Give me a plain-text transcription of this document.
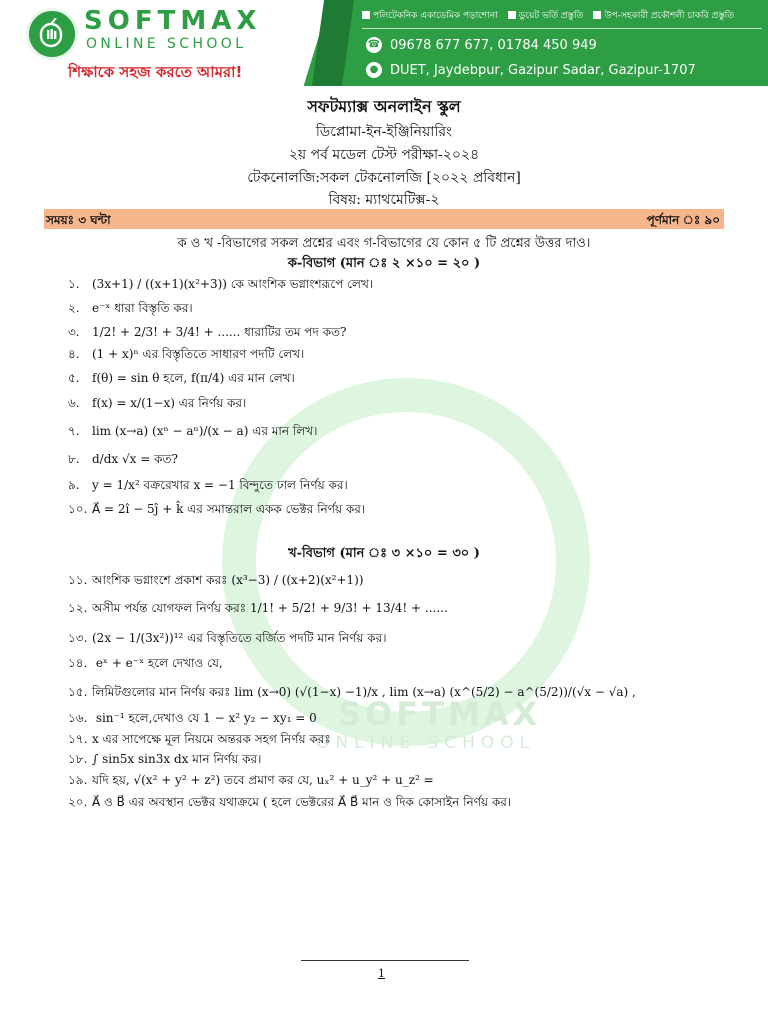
SOFTMAX
ONLINE SCHOOL
শিক্ষাকে সহজ করতে আমরা!
পলিটেকনিক একাডেমিক পড়াশোনা	ডুয়েট ভর্তি প্রস্তুতি	উপ-সহকারী প্রকৌশলী চাকরি প্রস্তুতি
☎ 09678 677 677, 01784 450 949
● DUET, Jaydebpur, Gazipur Sadar, Gazipur-1707
SOFTMAX
ONLINE SCHOOL
সফটম্যাক্স অনলাইন স্কুল
ডিপ্লোমা-ইন-ইঞ্জিনিয়ারিং
২য় পর্ব মডেল টেস্ট পরীক্ষা-২০২৪
টেকনোলজি:সকল টেকনোলজি [২০২২ প্রবিধান]
বিষয়: ম্যাথমেটিক্স-২
সময়ঃ ৩ ঘন্টা	পূর্ণমান ঃ ৯০
ক ও খ -বিভাগের সকল প্রশ্নের এবং গ-বিভাগের যে কোন ৫ টি প্রশ্নের উত্তর দাও।
ক-বিভাগ (মান ঃ ২ ×১০ = ২০ )
১. (3x+1) / ((x+1)(x²+3)) কে আংশিক ভগ্নাংশরূপে লেখ।
২. e⁻ˣ ধারা বিস্তৃতি কর।
৩. 1/2! + 2/3! + 3/4! + ...... ধারাটির তম পদ কত?
৪. (1 + x)ⁿ এর বিস্তৃতিতে সাধারণ পদটি লেখ।
৫. f(θ) = sin θ হলে, f(π/4) এর মান লেখ।
৬. f(x) = x/(1−x) এর নির্ণয় কর।
৭. lim (x→a) (xⁿ − aⁿ)/(x − a) এর মান লিখ।
৮. d/dx √x = কত?
৯. y = 1/x² বক্ররেখার x = −1 বিন্দুতে ঢাল নির্ণয় কর।
১০. A⃗ = 2î − 5ĵ + k̂ এর সমান্তরাল একক ভেক্টর নির্ণয় কর।
খ-বিভাগ (মান ঃ ৩ ×১০ = ৩০ )
১১. আংশিক ভগ্নাংশে প্রকাশ করঃ (x³−3) / ((x+2)(x²+1))
১২. অসীম পর্যন্ত যোগফল নির্ণয় করঃ 1/1! + 5/2! + 9/3! + 13/4! + ......
১৩. (2x − 1/(3x²))¹² এর বিস্তৃতিতে বর্জিত পদটি মান নির্ণয় কর।
১৪. eˣ + e⁻ˣ হলে দেখাও যে,
১৫. লিমিটগুলোর মান নির্ণয় করঃ lim (x→0) (√(1−x) −1)/x , lim (x→a) (x^(5/2) − a^(5/2))/(√x − √a) ,
১৬. sin⁻¹ হলে,দেখাও যে 1 − x² y₂ − xy₁ = 0
১৭. x এর সাপেক্ষে মূল নিয়মে অন্তরক সহগ নির্ণয় করঃ
১৮. ∫ sin5x sin3x dx মান নির্ণয় কর।
১৯. যদি হয়, √(x² + y² + z²) তবে প্রমাণ কর যে, uₓ² + u_y² + u_z² =
২০. A⃗ ও B⃗ এর অবস্থান ভেক্টর যথাক্রমে ( হলে ভেক্টরের A⃗ B⃗ মান ও দিক কোসাইন নির্ণয় কর।
1
